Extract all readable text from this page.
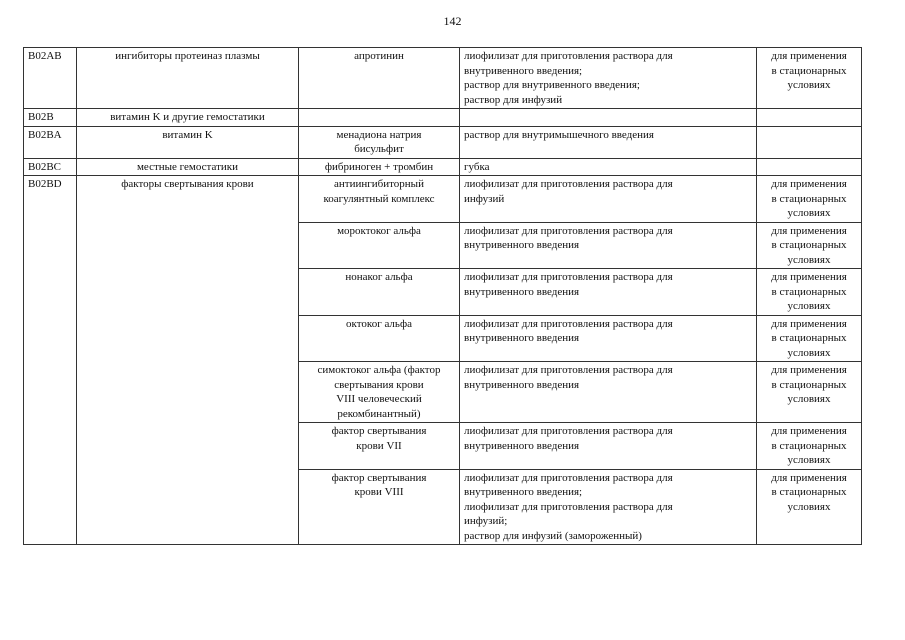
142
B02AB	ингибиторы протеиназ плазмы	апротинин	лиофилизат для приготовления раствора для
внутривенного введения;
раствор для внутривенного введения;
раствор для инфузий	для применения
в стационарных
условиях

B02B	витамин K и другие гемостатики			
B02BA	витамин K	менадиона натрия
бисульфит	раствор для внутримышечного введения	

B02BC	местные гемостатики	фибриноген + тромбин	губка	

B02BD	факторы свертывания крови	антиингибиторный
коагулянтный комплекс	лиофилизат для приготовления раствора для
инфузий	для применения
в стационарных
условиях

		мороктоког альфа	лиофилизат для приготовления раствора для
внутривенного введения	для применения
в стационарных
условиях

		нонаког альфа	лиофилизат для приготовления раствора для
внутривенного введения	для применения
в стационарных
условиях

		октоког альфа	лиофилизат для приготовления раствора для
внутривенного введения	для применения
в стационарных
условиях

		симоктоког альфа (фактор
свертывания крови
VIII человеческий
рекомбинантный)	лиофилизат для приготовления раствора для
внутривенного введения	для применения
в стационарных
условиях

		фактор свертывания
крови VII	лиофилизат для приготовления раствора для
внутривенного введения	для применения
в стационарных
условиях

		фактор свертывания
крови VIII	лиофилизат для приготовления раствора для
внутривенного введения;
лиофилизат для приготовления раствора для
инфузий;
раствор для инфузий (замороженный)	для применения
в стационарных
условиях
